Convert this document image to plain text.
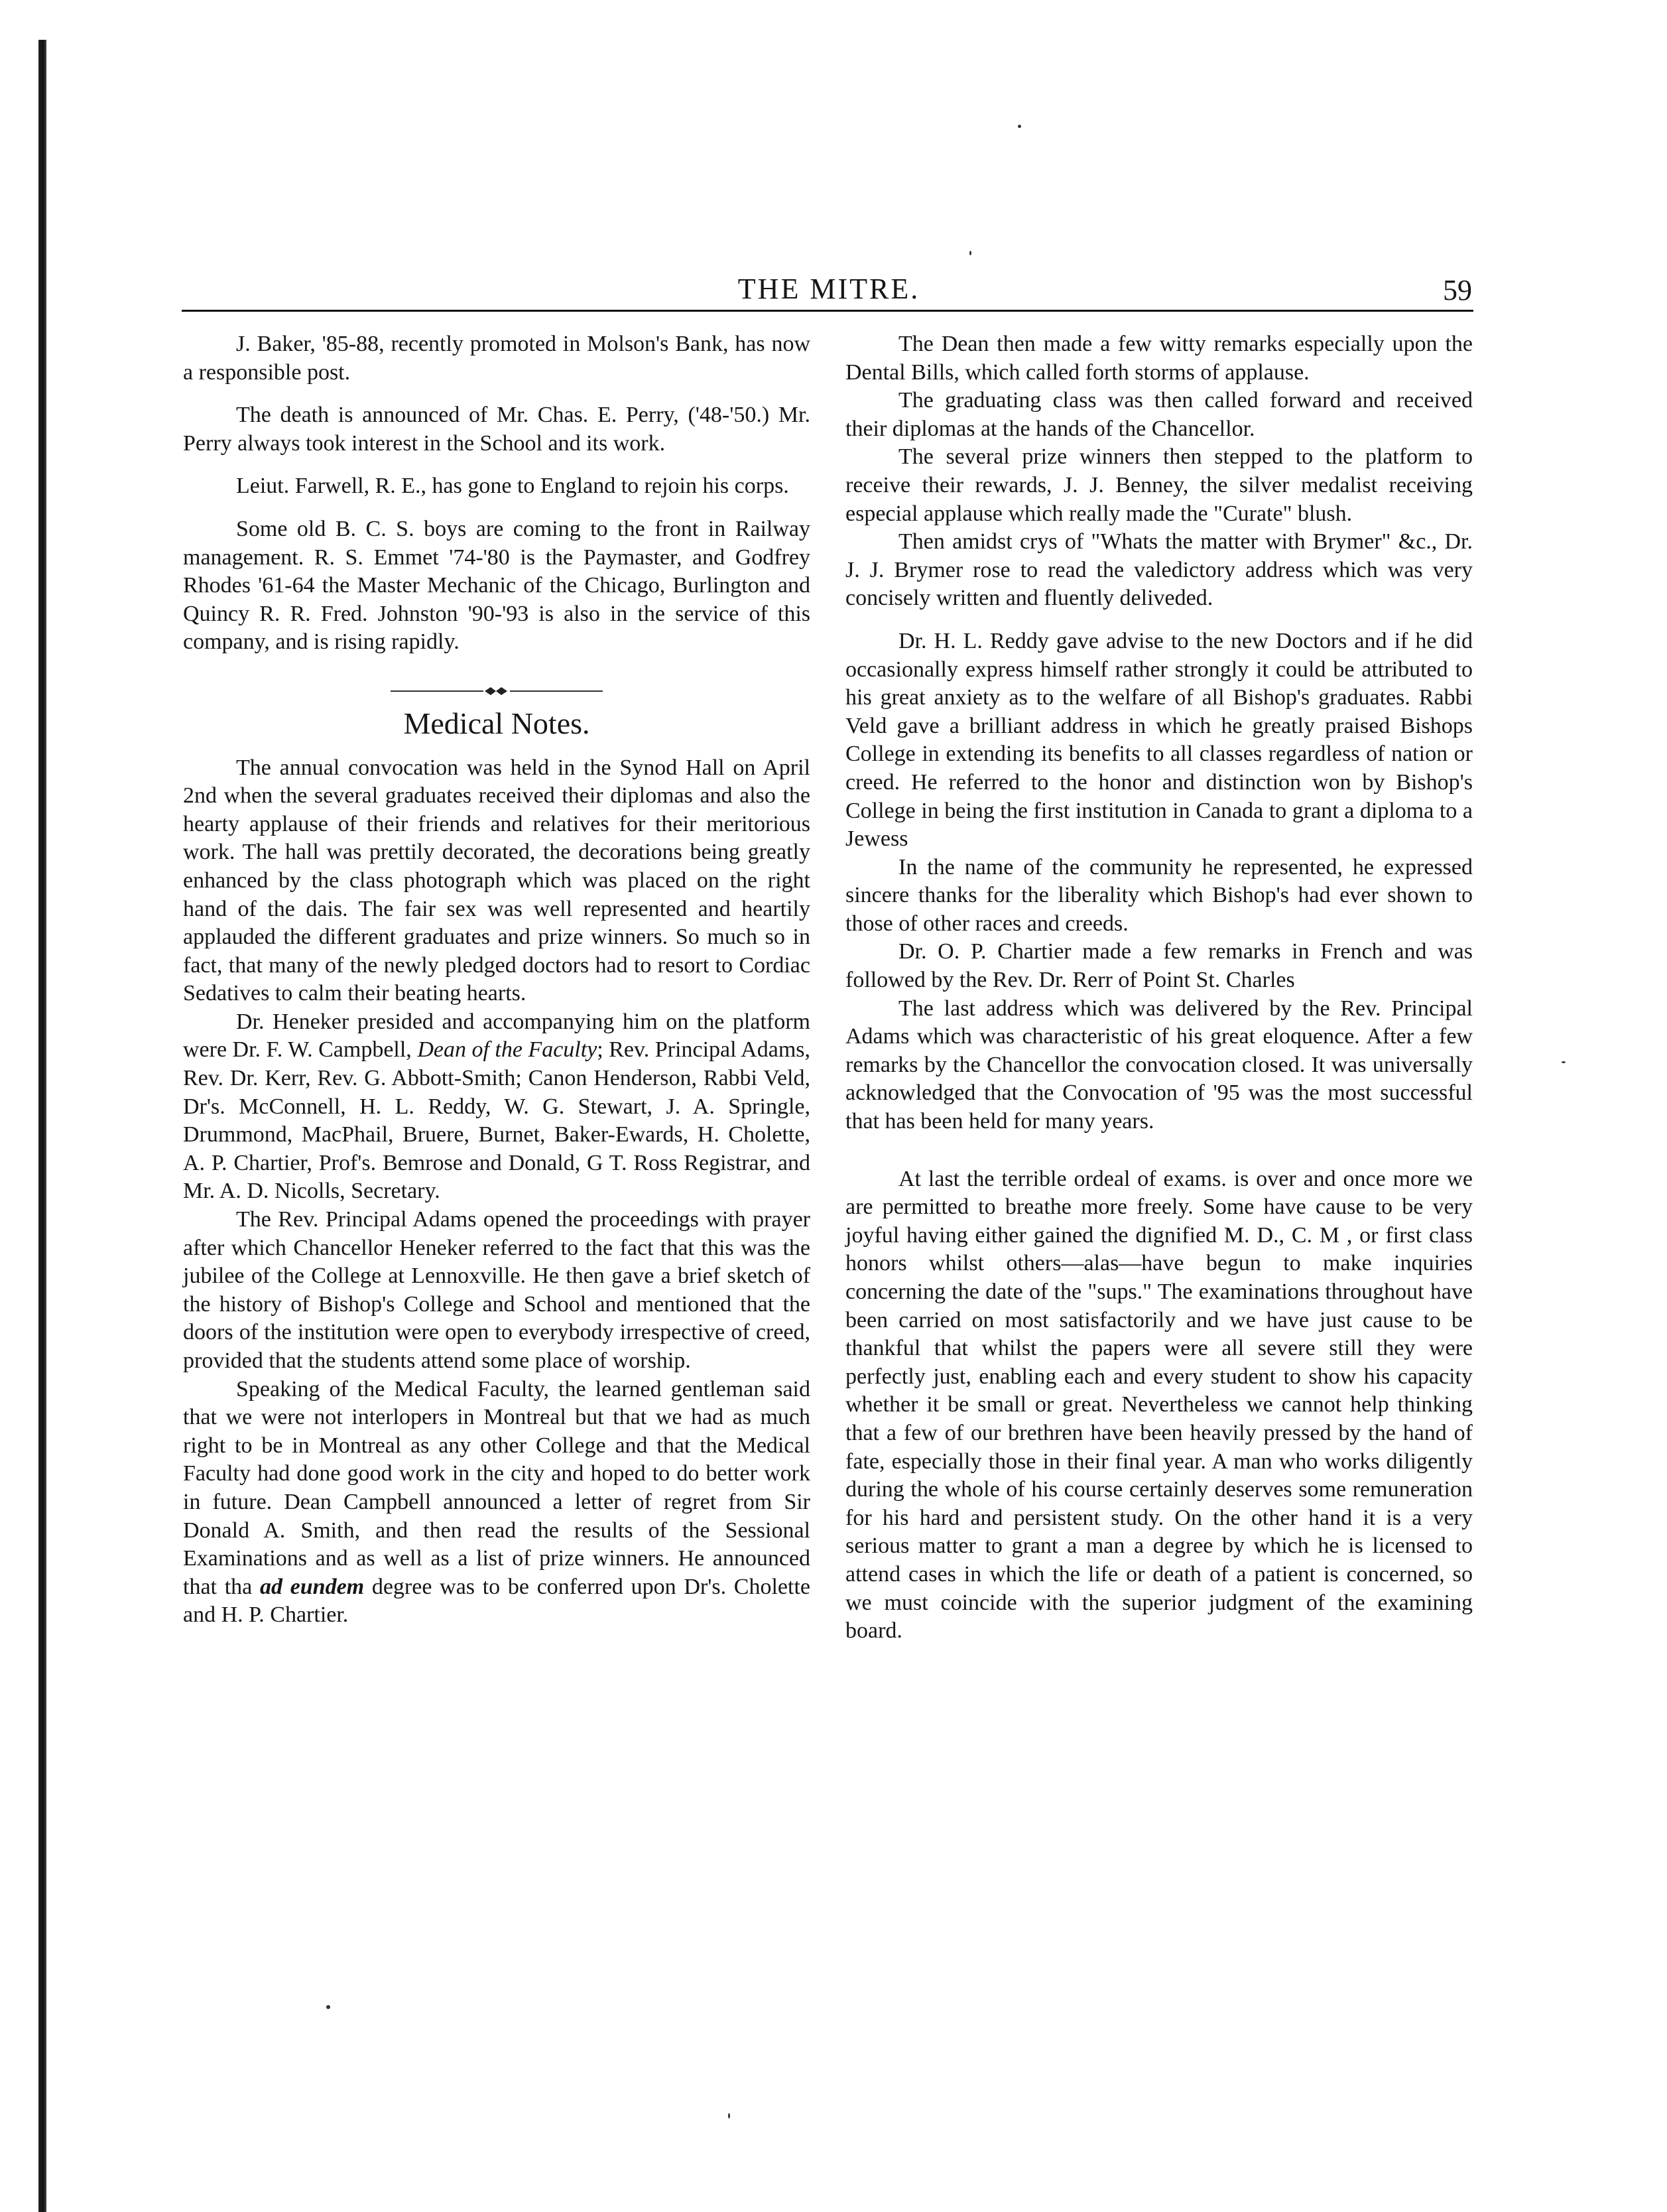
THE MITRE.	59

J. Baker, '85-88, recently promoted in Molson's Bank, has now a responsible post.

The death is announced of Mr. Chas. E. Perry, ('48-'50.) Mr. Perry always took interest in the School and its work.

Leiut. Farwell, R. E., has gone to England to rejoin his corps.

Some old B. C. S. boys are coming to the front in Railway management. R. S. Emmet '74-'80 is the Paymaster, and Godfrey Rhodes '61-64 the Master Mechanic of the Chicago, Burlington and Quincy R. R. Fred. Johnston '90-'93 is also in the service of this company, and is rising rapidly.

Medical Notes.

The annual convocation was held in the Synod Hall on April 2nd when the several graduates received their diplomas and also the hearty applause of their friends and relatives for their meritorious work. The hall was prettily decorated, the decorations being greatly enhanced by the class photograph which was placed on the right hand of the dais. The fair sex was well represented and heartily applauded the different graduates and prize winners. So much so in fact, that many of the newly pledged doctors had to resort to Cordiac Sedatives to calm their beating hearts.

Dr. Heneker presided and accompanying him on the platform were Dr. F. W. Campbell, Dean of the Faculty; Rev. Principal Adams, Rev. Dr. Kerr, Rev. G. Abbott-Smith; Canon Henderson, Rabbi Veld, Dr's. McConnell, H. L. Reddy, W. G. Stewart, J. A. Springle, Drummond, MacPhail, Bruere, Burnet, Baker-Ewards, H. Cholette, A. P. Chartier, Prof's. Bemrose and Donald, G T. Ross Registrar, and Mr. A. D. Nicolls, Secretary.

The Rev. Principal Adams opened the proceedings with prayer after which Chancellor Heneker referred to the fact that this was the jubilee of the College at Lennoxville. He then gave a brief sketch of the history of Bishop's College and School and mentioned that the doors of the institution were open to everybody irrespective of creed, provided that the students attend some place of worship.

Speaking of the Medical Faculty, the learned gentleman said that we were not interlopers in Montreal but that we had as much right to be in Montreal as any other College and that the Medical Faculty had done good work in the city and hoped to do better work in future. Dean Campbell announced a letter of regret from Sir Donald A. Smith, and then read the results of the Sessional Examinations and as well as a list of prize winners. He announced that tha ad eundem degree was to be conferred upon Dr's. Cholette and H. P. Chartier.

The Dean then made a few witty remarks especially upon the Dental Bills, which called forth storms of applause.

The graduating class was then called forward and received their diplomas at the hands of the Chancellor.

The several prize winners then stepped to the platform to receive their rewards, J. J. Benney, the silver medalist receiving especial applause which really made the "Curate" blush.

Then amidst crys of "Whats the matter with Brymer" &c., Dr. J. J. Brymer rose to read the valedictory address which was very concisely written and fluently deliveded.

Dr. H. L. Reddy gave advise to the new Doctors and if he did occasionally express himself rather strongly it could be attributed to his great anxiety as to the welfare of all Bishop's graduates. Rabbi Veld gave a brilliant address in which he greatly praised Bishops College in extending its benefits to all classes regardless of nation or creed. He referred to the honor and distinction won by Bishop's College in being the first institution in Canada to grant a diploma to a Jewess

In the name of the community he represented, he expressed sincere thanks for the liberality which Bishop's had ever shown to those of other races and creeds.

Dr. O. P. Chartier made a few remarks in French and was followed by the Rev. Dr. Rerr of Point St. Charles

The last address which was delivered by the Rev. Principal Adams which was characteristic of his great eloquence. After a few remarks by the Chancellor the convocation closed. It was universally acknowledged that the Convocation of '95 was the most successful that has been held for many years.

At last the terrible ordeal of exams. is over and once more we are permitted to breathe more freely. Some have cause to be very joyful having either gained the dignified M. D., C. M , or first class honors whilst others—alas—have begun to make inquiries concerning the date of the "sups." The examinations throughout have been carried on most satisfactorily and we have just cause to be thankful that whilst the papers were all severe still they were perfectly just, enabling each and every student to show his capacity whether it be small or great. Nevertheless we cannot help thinking that a few of our brethren have been heavily pressed by the hand of fate, especially those in their final year. A man who works diligently during the whole of his course certainly deserves some remuneration for his hard and persistent study. On the other hand it is a very serious matter to grant a man a degree by which he is licensed to attend cases in which the life or death of a patient is concerned, so we must coincide with the superior judgment of the examining board.
